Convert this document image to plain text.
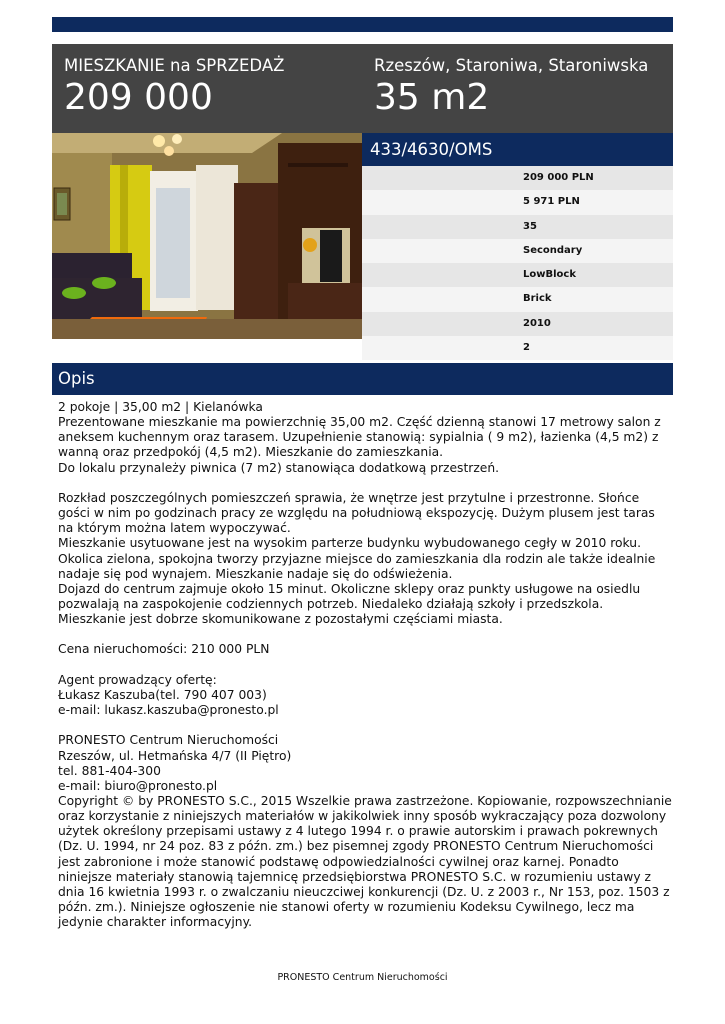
MIESZKANIE na SPRZEDAŻ
209 000
Rzeszów, Staroniwa, Staroniwska
35 m2
433/4630/OMS
209 000 PLN
5 971 PLN
35
Secondary
LowBlock
Brick
2010
2
Opis

2 pokoje | 35,00 m2 | Kielanówka

Prezentowane mieszkanie ma powierzchnię 35,00 m2. Część dzienną stanowi 17 metrowy salon z aneksem kuchennym oraz tarasem. Uzupełnienie stanowią: sypialnia ( 9 m2), łazienka (4,5 m2) z wanną oraz przedpokój (4,5 m2). Mieszkanie do zamieszkania.

Do lokalu przynależy piwnica (7 m2) stanowiąca dodatkową przestrzeń.

Rozkład poszczególnych pomieszczeń sprawia, że wnętrze jest przytulne i przestronne. Słońce gości w nim po godzinach pracy ze względu na południową ekspozycję. Dużym plusem jest taras na którym można latem wypoczywać.

Mieszkanie usytuowane jest na wysokim parterze budynku wybudowanego cegły w 2010 roku. Okolica zielona, spokojna tworzy przyjazne miejsce do zamieszkania dla rodzin ale także idealnie nadaje się pod wynajem. Mieszkanie nadaje się do odświeżenia.

Dojazd do centrum zajmuje około 15 minut. Okoliczne sklepy oraz punkty usługowe na osiedlu pozwalają na zaspokojenie codziennych potrzeb. Niedaleko działają szkoły i przedszkola. Mieszkanie jest dobrze skomunikowane z pozostałymi częściami miasta.

Cena nieruchomości: 210 000 PLN

Agent prowadzący ofertę:

Łukasz Kaszuba(tel. 790 407 003)

e-mail: lukasz.kaszuba@pronesto.pl

PRONESTO Centrum Nieruchomości

Rzeszów, ul. Hetmańska 4/7 (II Piętro)

tel. 881-404-300

e-mail: biuro@pronesto.pl

Copyright © by PRONESTO S.C., 2015 Wszelkie prawa zastrzeżone. Kopiowanie, rozpowszechnianie oraz korzystanie z niniejszych materiałów w jakikolwiek inny sposób wykraczający poza dozwolony użytek określony przepisami ustawy z 4 lutego 1994 r. o prawie autorskim i prawach pokrewnych (Dz. U. 1994, nr 24 poz. 83 z późn. zm.) bez pisemnej zgody PRONESTO Centrum Nieruchomości jest zabronione i może stanowić podstawę odpowiedzialności cywilnej oraz karnej. Ponadto niniejsze materiały stanowią tajemnicę przedsiębiorstwa PRONESTO S.C. w rozumieniu ustawy z dnia 16 kwietnia 1993 r. o zwalczaniu nieuczciwej konkurencji (Dz. U. z 2003 r., Nr 153, poz. 1503 z późn. zm.). Niniejsze ogłoszenie nie stanowi oferty w rozumieniu Kodeksu Cywilnego, lecz ma jedynie charakter informacyjny.

PRONESTO Centrum Nieruchomości
